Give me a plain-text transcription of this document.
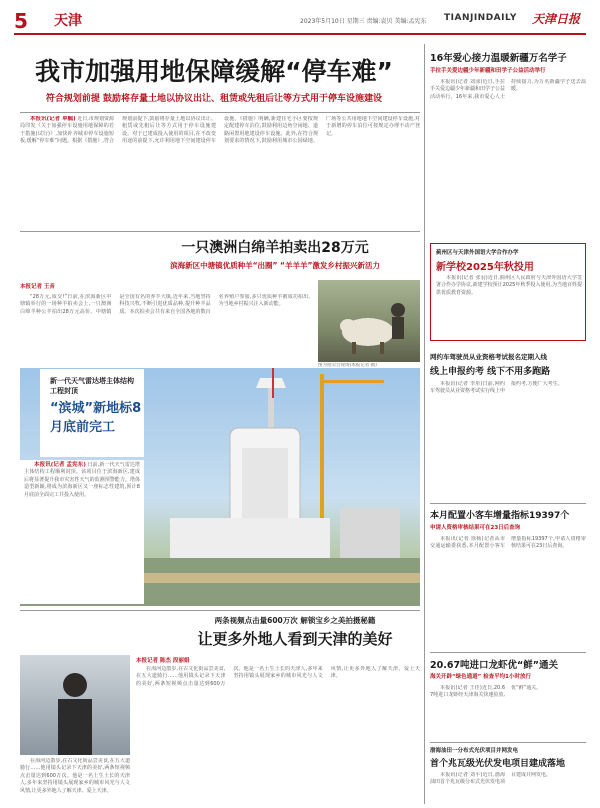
5	天津	2023年5月10日 星期三 责编:袁贝 美编:孟宪东	TIANJINDAILY	天津日报
我市加强用地保障缓解“停车难”
符合规划前提 鼓励将存量土地以协议出让、租赁或先租后让等方式用于停车设施建设

本报讯(记者 单毓) 近日,市规划资源局印发《关于加强停车设施用地保障的若干措施(试行)》,加快补齐城市停车设施短板,缓解“停车难”问题。根据《措施》,符合规划前提下,鼓励将存量土地以协议出让、租赁或先租后让等方式用于停车设施建设。对于已建成投入使用的项目,在不改变用途的前提下,允许利用地下空间建设停车设施。《措施》明确,新建住宅小区要按规定配建停车泊位,鼓励利用边角空闲地、道路闲置用地建设停车设施。此外,在符合规划要求的情况下,鼓励利用城市公园绿地、广场等公共用地地下空间建设停车设施,对于新增的停车泊位可按规定办理不动产登记。

一只澳洲白绵羊拍卖出28万元
滨海新区中塘镇优质种羊“出圈” “羊羊羊”激发乡村振兴新活力
本报记者 王音

“28万元,成交!”日前,在滨海新区中塘镇举行的一场种羊拍卖会上,一只澳洲白绵羊种公羊拍出28万元高价。中塘镇是全国有名的养羊大镇,近年来,当地坚持科技兴牧,不断引进优质品种,提升种羊品质。本次拍卖会共有来自全国各地的数百名养殖户参加,多只优质种羊被成功拍出,为当地乡村振兴注入新动能。

图为拍卖会现场(本报记者 摄)
新一代天气雷达塔主体结构工程封顶
“滨城”新地标8月底前完工

本报讯(记者 孟宪东) 日前,新一代天气雷达塔主体结构工程顺利封顶。该项目位于滨海新区,建成后将显著提升我市灾害性天气的监测预警能力。塔体造型新颖,将成为滨海新区又一座标志性建筑,预计8月底前全面完工并投入使用。

两条视频点击量600万次 解锁宝乡之美拍摄秘籍
让更多外地人看到天津的美好
本报记者 陈杰 段丽娟

在海河边散步,在古文化街品尝美食,在五大道骑行……他用镜头记录下天津的美好,两条短视频点击量达到600万次。他是一名土生土长的天津人,多年来坚持用镜头展现家乡的城市风光与人文风情,让更多外地人了解天津、爱上天津。

在海河边散步,在古文化街品尝美食,在五大道骑行……他用镜头记录下天津的美好,两条短视频点击量达到600万次。他是一名土生土长的天津人,多年来坚持用镜头展现家乡的城市风光与人文风情,让更多外地人了解天津、爱上天津。

16年爱心接力温暖新疆万名学子
手拉手关爱边疆少年新疆和田学子公益活动举行

本报讯(记者 刘沛)近日,手拉手关爱边疆少年新疆和田学子公益活动举行。16年来,我市爱心人士持续接力,为万名新疆学子送去温暖。

蓟州区与天津外国语大学合作办学
新学校2025年秋投用

本报讯(记者 张羽)近日,蓟州区人民政府与天津外国语大学签署合作办学协议,新建学校预计2025年秋季投入使用,为当地百姓提供优质教育资源。

网约车驾驶员从业资格考试报名定期入线
线上申报约考 线下不用多跑路

本报讯(记者 李彤)日前,网约车驾驶员从业资格考试实行线上申报约考,方便广大考生。

本月配置小客车增量指标19397个
申请人资格审核结果可在23日后查询

本报讯(记者 徐杨)记者从市交通运输委获悉,本月配置小客车增量指标19397个,申请人资格审核结果可在23日后查询。

20.67吨进口龙虾优“鲜”通关
海关开辟“绿色通道” 检查平均1小时放行

本报讯(记者 王佳)近日,20.67吨进口龙虾经天津海关快速验放,优“鲜”通关。

渤海油田一分布式光伏项目并网发电
首个兆瓦级光伏发电项目建成落地

本报讯(记者 刘平)近日,渤海油田首个兆瓦级分布式光伏发电项目建成并网发电。
